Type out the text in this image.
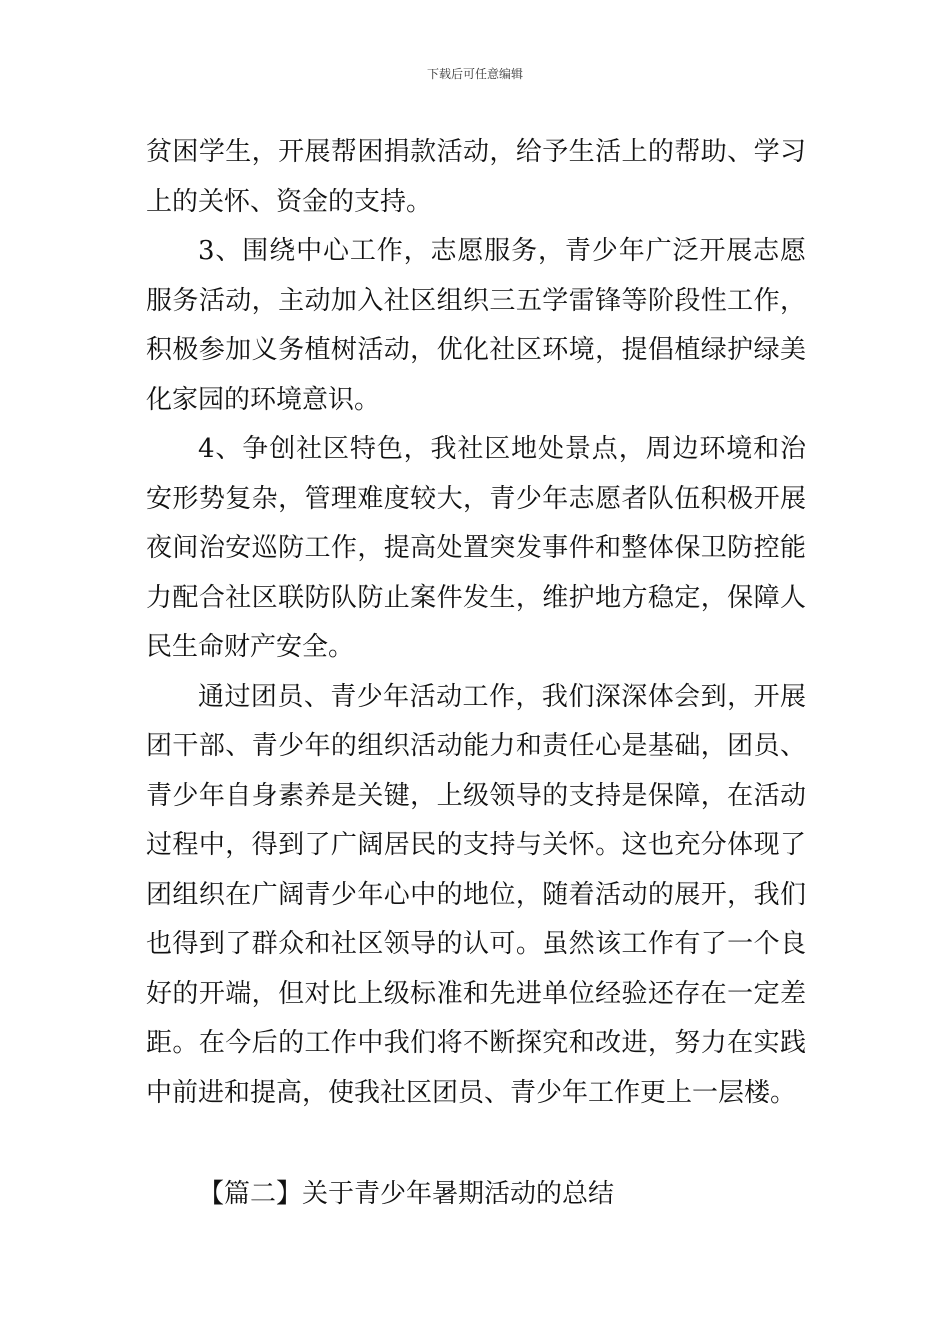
下载后可任意编辑

贫困学生，开展帮困捐款活动，给予生活上的帮助、学习上的关怀、资金的支持。

3、围绕中心工作，志愿服务，青少年广泛开展志愿服务活动，主动加入社区组织三五学雷锋等阶段性工作，积极参加义务植树活动，优化社区环境，提倡植绿护绿美化家园的环境意识。

4、争创社区特色，我社区地处景点，周边环境和治安形势复杂，管理难度较大，青少年志愿者队伍积极开展夜间治安巡防工作，提高处置突发事件和整体保卫防控能力配合社区联防队防止案件发生，维护地方稳定，保障人民生命财产安全。

通过团员、青少年活动工作，我们深深体会到，开展团干部、青少年的组织活动能力和责任心是基础，团员、青少年自身素养是关键，上级领导的支持是保障，在活动过程中，得到了广阔居民的支持与关怀。这也充分体现了团组织在广阔青少年心中的地位，随着活动的展开，我们也得到了群众和社区领导的认可。虽然该工作有了一个良好的开端，但对比上级标准和先进单位经验还存在一定差距。在今后的工作中我们将不断探究和改进，努力在实践中前进和提高，使我社区团员、青少年工作更上一层楼。

【篇二】关于青少年暑期活动的总结
